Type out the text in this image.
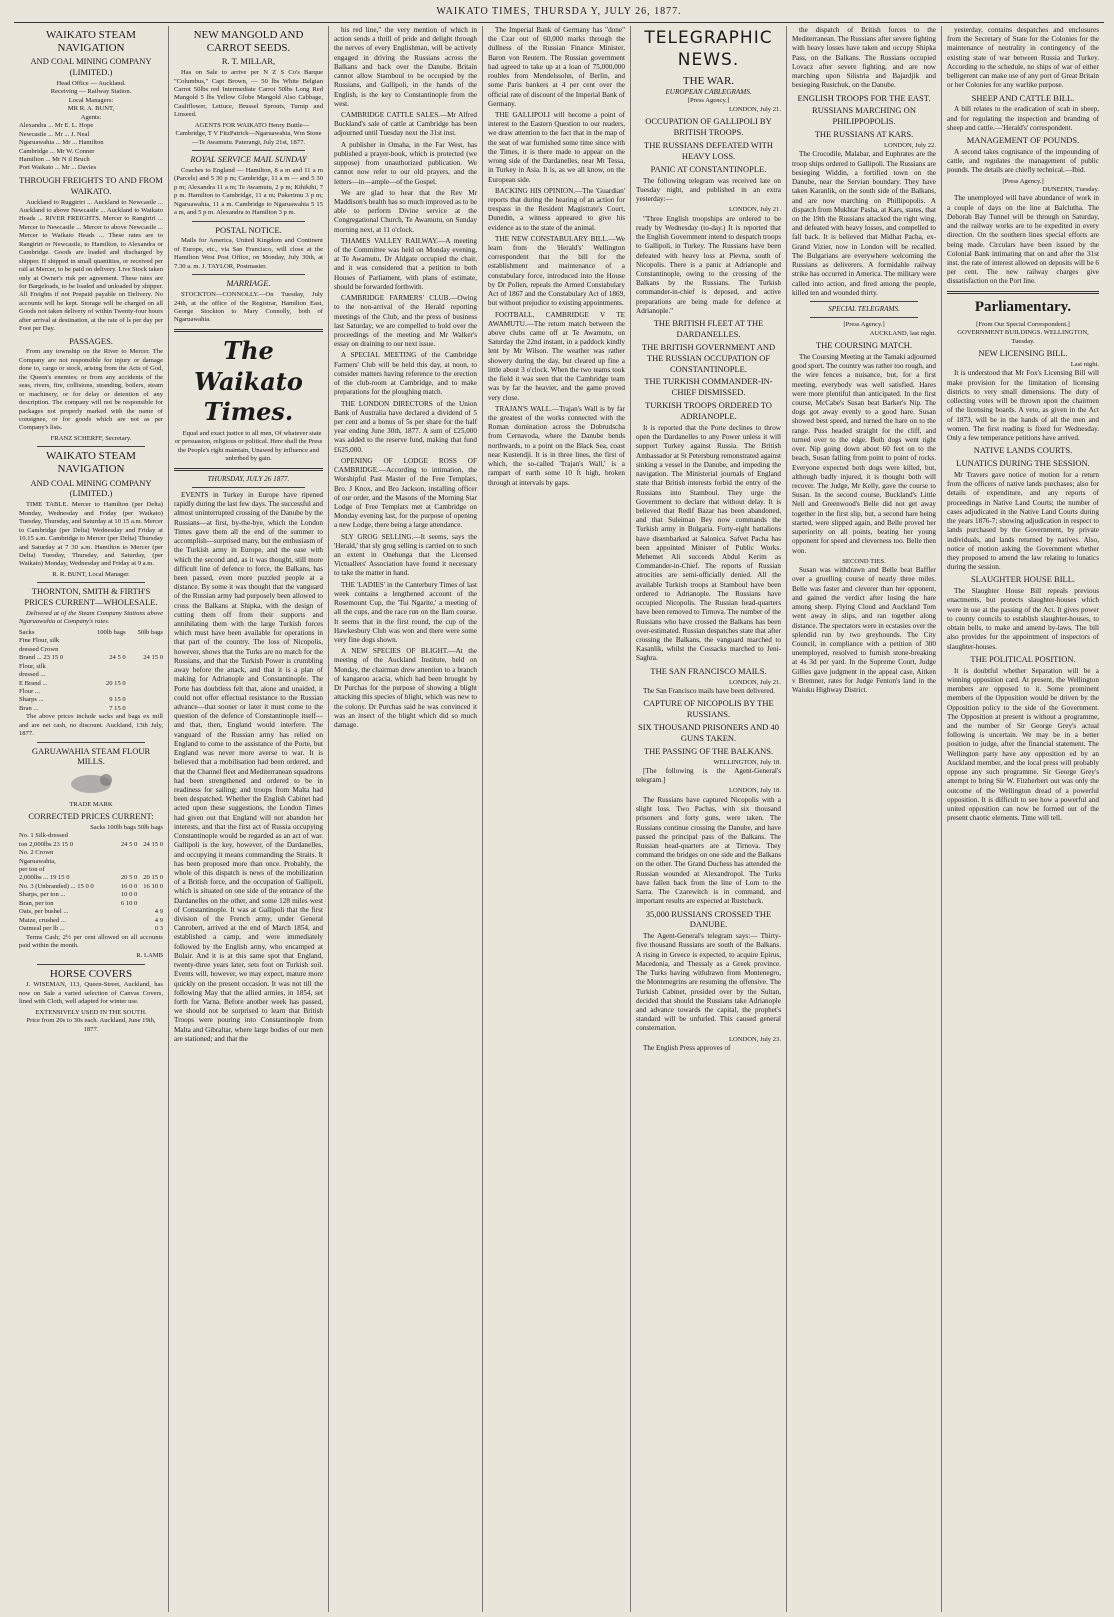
WAIKATO TIMES, THURSDA Y, JULY 26, 1877.
WAIKATO STEAM NAVIGATION
AND COAL MINING COMPANY (LIMITED.)
Head Office — Auckland.
Receiving — Railway Station.
Local Managers:
MR R. A. BUNT,
Agents:
Alexandra ... Mr E. L. Hope
Newcastle ... Mr ... J. Neal
Ngaruawahia ... Mr ... Hamilton
Cambridge ... Mr W. Conner
Hamilton ... Mr N il Bruch
Port Waikato ... Mr ... Davies
THROUGH FREIGHTS TO AND FROM WAIKATO.

Auckland to Ruggiriri ... Auckland to Newcastle ... Auckland to above Newcastle ... Auckland to Waikato Heads ... RIVER FREIGHTS. Mercer to Rangiriri ... Mercer to Newcastle ... Mercer to above Newcastle ... Mercer to Waikato Heads ... These rates are to Rangiriri or Newcastle, to Hamilton, to Alexandra or Cambridge. Goods are loaded and discharged by shipper. If shipped in small quantities, or received per rail at Mercer, to be paid on delivery. Live Stock taken only at Owner's risk per agreement. These rates are for Bargeloads, to be loaded and unloaded by shipper. All Freights if not Prepaid payable on Delivery. No accounts will be kept. Storage will be charged on all Goods not taken delivery of within Twenty-four hours after arrival at destination, at the rate of ls per day per Foot per Day.

PASSAGES.

From any township on the River to Mercer. The Company are not responsible for injury or damage done to, cargo or stock, arising from the Acts of God, the Queen's enemies; or from any accidents of the seas, rivers, fire, collisions, stranding, boilers, steam or machinery, or for delay or detention of any description. The company will not be responsible for packages not properly marked with the name of consignee, or for goods which are not as per Company's lists.

FRANZ SCHERFF, Secretary.
WAIKATO STEAM NAVIGATION
AND COAL MINING COMPANY (LIMITED.)

TIME TABLE. Mercer to Hamilton (per Delta) Monday, Wednesday and Friday (per Waikato) Tuesday, Thursday, and Saturday at 10 15 a.m. Mercer to Cambridge (per Delta) Wednesday and Friday at 10.15 a.m. Cambridge to Mercer (per Delta) Thursday and Saturday at 7 30 a.m. Hamilton to Mercer (per Delta) Tuesday, Thursday, and Saturday, (per Waikato) Monday, Wednesday and Friday at 9 a.m.

R. R. BUNT, Local Manager.
THORNTON, SMITH & FIRTH'S PRICES CURRENT—WHOLESALE.

Delivered at of the Steam Company Stations above Ngaruawahia at Company's rates.

Sacks	100lb bags	50lb bags
Fine Flour, silk		
dressed Crown		
Brand ... 23 15 0	24 5 0	24 15 0
Flour, silk		
dressed ...		
E Brand ...	20 15 0	
Flour ...		
Sharps ...	9 15 0	
Bran ...	7 15 0	

The above prices include sacks and bags ex mill and are net cash, no discount. Auckland, 13th July, 1877.

GARUAWAHIA STEAM FLOUR MILLS.
TRADE MARK
CORRECTED PRICES CURRENT:
Sacks 100lb bags 50lb bags		
No. 1 Silk-dressed		
ton 2,000lbs 23 15 0	24 5 0	24 15 0
No. 2 Crown		
Ngaruawahia,		
per ton of		
2,000lbs ... 19 15 0	20 5 0	20 15 0
No. 3 (Unbranded) ... 15 0 0	16 0 0	16 10 0
Sharps, per ton ...	10 0 0	
Bran, per ton	6 10 0	
Oats, per bushel ...		4 9
Maize, crushed ...		4 9
Oatmeal per lb ...		0 3

Terms Cash; 2½ per cent allowed on all accounts paid within the month.

R. LAMB
HORSE COVERS

J. WISEMAN, 113, Queen-Street, Auckland, has now on Sale a varied selection of Canvas Covers, lined with Cloth, well adapted for winter use.

EXTENSIVELY USED IN THE SOUTH.
Price from 20s to 30s each. Auckland, June 19th, 1877.
NEW MANGOLD AND CARROT SEEDS.
R. T. MILLAR,

Has on Sale to arrive per N Z S Co's Barque "Columbus," Capt Brown, — 50 lbs White Belgian Carrot 50lbs red Intermediate Carrot 50lbs Long Red Mangold 5 lbs Yellow Globe Mangold Also Cabbage, Cauliflower, Lettuce, Brussel Sprouts, Turnip and Linseed.

AGENTS FOR WAIKATO Henry Buttle—Cambridge, T V FitzPatrick—Ngaruawahia, Wm Stone—Te Awamutu. Paterangi, July 21st, 1877.

ROYAL SERVICE MAIL SUNDAY

Coaches to England — Hamilton, 8 a m and 11 a m (Parcels) and 5 30 p m; Cambridge, 11 a m — and 5 30 p m; Alexandra 11 a m; Te Awamutu, 2 p m; Kihikihi, 7 p m. Hamilton to Cambridge, 11 a m; Pukerimu 3 p m; Ngaruawahia, 11 a m. Cambridge to Ngaruawahia 5 15 a m, and 5 p m. Alexandra to Hamilton 3 p m.

POSTAL NOTICE.

Mails for America, United Kingdom and Continent of Europe, etc., via San Francisco, will close at the Hamilton West Post Office, on Monday, July 30th, at 7.30 a. m. J. TAYLOR, Postmaster.

MARRIAGE.

STOCKTON—CONNOLLY.—On Tuesday, July 24th, at the office of the Registrar, Hamilton East, George Stockton to Mary Connolly, both of Ngaruawahia.

The Waikato Times.

Equal and exact justice to all men, Of whatever state or persuasion, religious or political. Here shall the Press the People's right maintain, Unawed by influence and unbribed by gain.

THURSDAY, JULY 26 1877.

EVENTS in Turkey in Europe have ripened rapidly during the last few days. The successful and almost uninterrupted crossing of the Danube by the Russians—at first, by-the-bye, which the London Times gave them all the end of the summer to accomplish—surprised many, but the enthusiasm of the Turkish army in Europe, and the ease with which the second and, as it was thought, still more difficult line of defence to force, the Balkans, has been passed, even more puzzled people at a distance. By some it was thought that the vanguard of the Russian army had purposely been allowed to cross the Balkans at Shipka, with the design of cutting them off from their supports and annihilating them with the large Turkish forces which must have been available for operations in that part of the country. The loss of Nicopolis, however, shows that the Turks are no match for the Russians, and that the Turkish Power is crumbling away before the attack, and that it is a plan of making for Adrianople and Constantinople. The Porte has doubtless felt that, alone and unaided, it could not offer effectual resistance to the Russian advance—that sooner or later it must come to the question of the defence of Constantinople itself—and that, then, England would interfere. The vanguard of the Russian army has relied on England to come to the assistance of the Porte, but England was never more averse to war. It is believed that a mobilisation had been ordered, and that the Channel fleet and Mediterranean squadrons had been strengthened and ordered to be in readiness for sailing; and troops from Malta had been despatched. Whether the English Cabinet had acted upon these suggestions, the London Times had given out that England will not abandon her interests, and that the first act of Russia occupying Constantinople would be regarded as an act of war. Gallipoli is the key, however, of the Dardanelles, and occupying it means commanding the Straits. It has been proposed more than once. Probably, the whole of this dispatch is news of the mobilization of a British force, and the occupation of Gallipoli, which is situated on one side of the entrance of the Dardanelles on the other, and some 128 miles west of Constantinople. It was at Gallipoli that the first division of the French army, under General Canrobert, arrived at the end of March 1854, and established a camp, and were immediately followed by the English army, who encamped at Bulair. And it is at this same spot that England, twenty-three years later, sets foot on Turkish soil. Events will, however, we may expect, mature more quickly on the present occasion. It was not till the following May that the allied armies, in 1854, set forth for Varna. Before another week has passed, we should not be surprised to learn that British Troops were pouring into Constantinople from Malta and Gibraltar, where large bodies of our men are stationed; and that the

his red line," the very mention of which in action sends a thrill of pride and delight through the nerves of every Englishman, will be actively engaged in driving the Russians across the Balkans and back over the Danube. Britain cannot allow Stamboul to be occupied by the Russians, and Gallipoli, in the hands of the English, is the key to Constantinople from the west.

CAMBRIDGE CATTLE SALES.—Mr Alfred Buckland's sale of cattle at Cambridge has been adjourned until Tuesday next the 31st inst.

A publisher in Omaha, in the Far West, has published a prayer-book, which is protected (we suppose) from unauthorized publication. We cannot now refer to our old prayers, and the letters—in—ample—of the Gospel.

We are glad to hear that the Rev Mr Maddison's health has so much improved as to be able to perform Divine service at the Congregational Church, Te Awamutu, on Sunday morning next, at 11 o'clock.

THAMES VALLEY RAILWAY.—A meeting of the Committee was held on Monday evening, at Te Awamutu, Dr Aldgate occupied the chair, and it was considered that a petition to both Houses of Parliament, with plans of estimate, should be forwarded forthwith.

CAMBRIDGE FARMERS' CLUB.—Owing to the non-arrival of the Herald reporting meetings of the Club, and the press of business last Saturday, we are compelled to hold over the proceedings of the meeting and Mr Walker's essay on draining to our next issue.

A SPECIAL MEETING of the Cambridge Farmers' Club will be held this day, at noon, to consider matters having reference to the erection of the club-room at Cambridge, and to make preparations for the ploughing match.

THE LONDON DIRECTORS of the Union Bank of Australia have declared a dividend of 5 per cent and a bonus of 5s per share for the half year ending June 30th, 1877. A sum of £25,000 was added to the reserve fund, making that fund £625,000.

OPENING OF LODGE ROSS OF CAMBRIDGE.—According to intimation, the Worshipful Past Master of the Free Templars, Bro. J Knox, and Bro Jackson, installing officer of our order, and the Masons of the Morning Star Lodge of Free Templars met at Cambridge on Monday evening last, for the purpose of opening a new Lodge, there being a large attendance.

SLY GROG SELLING.—It seems, says the 'Herald,' that sly grog selling is carried on to such an extent in Onehunga that the Licensed Victuallers' Association have found it necessary to take the matter in hand.

THE 'LADIES' in the Canterbury Times of last week contains a lengthened account of the Rosemount Cup, the 'Tui Ngarite,' a meeting of all the cups, and the race run on the Ilam course. It seems that in the first round, the cup of the Hawkesbury Club was won and there were some very fine dogs shown.

A NEW SPECIES OF BLIGHT.—At the meeting of the Auckland Institute, held on Monday, the chairman drew attention to a branch of kangaroo acacia, which had been brought by Dr Purchas for the purpose of showing a blight attacking this species of blight, which was new to the colony. Dr Purchas said he was convinced it was an insect of the blight which did so much damage.

The Imperial Bank of Germany has "done" the Czar out of 60,000 marks through the dullness of the Russian Finance Minister, Baron von Reutern. The Russian government had agreed to take up at a loan of 75,000,000 roubles from Mendelssohn, of Berlin, and some Paris bankers at 4 per cent over the official rate of discount of the Imperial Bank of Germany.

THE GALLIPOLI will become a point of interest to the Eastern Question to our readers, we draw attention to the fact that in the map of the seat of war furnished some time since with the Times, it is there made to appear on the wrong side of the Dardanelles, near Mt Tessa, in Turkey in Asia. It is, as we all know, on the European side.

BACKING HIS OPINION.—The 'Guardian' reports that during the hearing of an action for trespass in the Resident Magistrate's Court, Dunedin, a witness appeared to give his evidence as to the state of the animal.

THE NEW CONSTABULARY BILL.—We learn from the 'Herald's' Wellington correspondent that the bill for the establishment and maintenance of a constabulary force, introduced into the House by Dr Pollen, repeals the Armed Constabulary Act of 1867 and the Constabulary Act of 1869, but without prejudice to existing appointments.

FOOTBALL, CAMBRIDGE V TE AWAMUTU.—The return match between the above clubs came off at Te Awamutu, on Saturday the 22nd instant, in a paddock kindly lent by Mr Wilson. The weather was rather showery during the day, but cleared up fine a little about 3 o'clock. When the two teams took the field it was seen that the Cambridge team was by far the heavier, and the game proved very close.

TRAJAN'S WALL.—Trajan's Wall is by far the greatest of the works connected with the Roman domination across the Dobrudscha from Cernavoda, where the Danube bends northwards, to a point on the Black Sea, coast near Kustendji. It is in three lines, the first of which, the so-called 'Trajan's Wall,' is a rampart of earth some 10 ft high, broken through at intervals by gaps.

TELEGRAPHIC NEWS.
THE WAR.
EUROPEAN CABLEGRAMS.
[Press Agency.]
LONDON, July 21.
OCCUPATION OF GALLIPOLI BY BRITISH TROOPS.
THE RUSSIANS DEFEATED WITH HEAVY LOSS.
PANIC AT CONSTANTINOPLE.

The following telegram was received late on Tuesday night, and published in an extra yesterday:—

LONDON, July 21.

"Three English troopships are ordered to be ready by Wednesday (to-day.) It is reported that the English Government intend to despatch troops to Gallipoli, in Turkey. The Russians have been defeated with heavy loss at Plevna, south of Nicopolis. There is a panic at Adrianople and Constantinople, owing to the crossing of the Balkans by the Russians. The Turkish commander-in-chief is deposed, and active preparations are being made for defence at Adrianople."

THE BRITISH FLEET AT THE DARDANELLES.
THE BRITISH GOVERNMENT AND THE RUSSIAN OCCUPATION OF CONSTANTINOPLE.
THE TURKISH COMMANDER-IN-CHIEF DISMISSED.
TURKISH TROOPS ORDERED TO ADRIANOPLE.

It is reported that the Porte declines to throw open the Dardanelles to any Power unless it will support Turkey against Russia. The British Ambassador at St Petersburg remonstrated against sinking a vessel in the Danube, and impeding the navigation. The Ministerial journals of England state that British interests forbid the entry of the Russians into Stamboul. They urge the Government to declare that without delay. It is believed that Redif Bazar has been abandoned, and that Suleiman Bey now commands the Turkish army in Bulgaria. Forty-eight battalions have disembarked at Salonica. Safvet Pacha has been appointed Minister of Public Works. Mehemet Ali succeeds Abdul Kerim as Commander-in-Chief. The reports of Russian atrocities are semi-officially denied. All the available Turkish troops at Stamboul have been ordered to Adrianople. The Russians have occupied Nicopolis. The Russian head-quarters have been removed to Tirnova. The number of the Russians who have crossed the Balkans has been over-estimated. Russian despatches state that after crossing the Balkans, the vanguard marched to Kasanlik, whilst the Cossacks marched to Jeni-Saghra.

THE SAN FRANCISCO MAILS.
LONDON, July 21.

The San Francisco mails have been delivered.

CAPTURE OF NICOPOLIS BY THE RUSSIANS.
SIX THOUSAND PRISONERS AND 40 GUNS TAKEN.
THE PASSING OF THE BALKANS.
WELLINGTON, July 18.

[The following is the Agent-General's telegram.]

LONDON, July 18.

The Russians have captured Nicopolis with a slight loss. Two Pachas, with six thousand prisoners and forty guns, were taken. The Russians continue crossing the Danube, and have passed the principal pass of the Balkans. The Russian head-quarters are at Tirnova. They command the bridges on one side and the Balkans on the other. The Grand Duchess has attended the Russian wounded at Alexandropol. The Turks have fallen back from the line of Lom to the Sarra. The Czarewitch is in command, and important results are expected at Rustchuck.

35,000 RUSSIANS CROSSED THE DANUBE.

The Agent-General's telegram says:— Thirty-five thousand Russians are south of the Balkans. A rising in Greece is expected, to acquire Epirus, Macedonia, and Thessaly as a Greek province. The Turks having withdrawn from Montenegro, the Montenegrins are resuming the offensive. The Turkish Cabinet, presided over by the Sultan, decided that should the Russians take Adrianople and advance towards the capital, the prophet's standard will be unfurled. This caused general consternation.

LONDON, July 23.

The English Press approves of

the dispatch of British forces to the Mediterranean. The Russians after severe fighting with heavy losses have taken and occupy Shipka Pass, on the Balkans. The Russians occupied Lovacz after severe fighting, and are now marching upon Silistria and Bajardjik and besieging Rustchuk, on the Danube.

ENGLISH TROOPS FOR THE EAST.
RUSSIANS MARCHING ON PHILIPPOPOLIS.
THE RUSSIANS AT KARS.
LONDON, July 22.

The Crocodile, Malabar, and Euphrates are the troop ships ordered to Gallipoli. The Russians are besieging Widdin, a fortified town on the Danube, near the Servian boundary. They have taken Karanlik, on the south side of the Balkans, and are now marching on Phillipopolis. A dispatch from Mukhtar Pasha, at Kars, states, that on the 19th the Russians attacked the right wing, and defeated with heavy losses, and compelled to fall back. It is believed that Midhat Pacha, ex-Grand Vizier, now in London will be recalled. The Bulgarians are everywhere welcoming the Russians as deliverers. A formidable railway strike has occurred in America. The military were called into action, and fired among the people, killed ten and wounded thirty.

SPECIAL TELEGRAMS.
[Press Agency.]
AUCKLAND, last night.
THE COURSING MATCH.

The Coursing Meeting at the Tamaki adjourned good sport. The country was rather too rough, and the wire fences a nuisance, but, for a first meeting, everybody was well satisfied. Hares were more plentiful than anticipated. In the first course, McCabe's Susan beat Barker's Nip. The dogs got away evenly to a good hare. Susan showed best speed, and turned the hare on to the range. Puss headed straight for the cliff, and turned over to the edge. Both dogs went right over. Nip going down about 60 feet on to the beach, Susan falling from point to point of rocks. Everyone expected both dogs were killed, but, although badly injured, it is thought both will recover. The Judge, Mr Kelly, gave the course to Susan. In the second course, Buckland's Little Nell and Greenwood's Belle did not get away together in the first slip, but, a second hare being started, were slipped again, and Belle proved her superiority on all points, beating her young opponent for speed and cleverness too. Belle then won.

SECOND TIES.

Susan was withdrawn and Belle beat Baffler over a gruelling course of nearly three miles. Belle was faster and cleverer than her opponent, and gained the verdict after losing the hare among sheep. Flying Cloud and Auckland Tom went away in slips, and ran together along distance. The spectators were in ecstasies over the splendid run by two greyhounds. The City Council, in compliance with a petition of 300 unemployed, resolved to furnish stone-breaking at 4s 3d per yard. In the Supreme Court, Judge Gillies gave judgment in the appeal case, Aitken v Bremner, rates for Judge Fenton's land in the Waiuku Highway District.

yesterday, contains despatches and enclosures from the Secretary of State for the Colonies for the maintenance of neutrality in contingency of the existing state of war between Russia and Turkey. According to the schedule, no ships of war of either belligerent can make use of any port of Great Britain or her Colonies for any warlike purpose.

SHEEP AND CATTLE BILL.

A bill relates to the eradication of scab in sheep, and for regulating the inspection and branding of sheep and cattle.—'Herald's' correspondent.

MANAGEMENT OF POUNDS.

A second takes cognisance of the impounding of cattle, and regulates the management of public pounds. The details are chiefly technical.—Ibid.

[Press Agency.]
DUNEDIN, Tuesday.

The unemployed will have abundance of work in a couple of days on the line at Balclutha. The Deborah Bay Tunnel will be through on Saturday, and the railway works are to be expedited in every direction. On the southern lines special efforts are being made. Circulars have been issued by the Colonial Bank intimating that on and after the 31st inst. the rate of interest allowed on deposits will be 6 per cent. The new railway charges give dissatisfaction on the Port line.

Parliamentary.
[From Our Special Correspondent.]
GOVERNMENT BUILDINGS. WELLINGTON, Tuesday.
NEW LICENSING BILL.
Last night.

It is understood that Mr Fox's Licensing Bill will make provision for the limitation of licensing districts to very small dimensions. The duty of collecting votes will be thrown upon the chairmen of the licensing boards. A veto, as given in the Act of 1873, will be in the hands of all the men and women. The first reading is fixed for Wednesday. Only a few temperance petitions have arrived.

NATIVE LANDS COURTS.
LUNATICS DURING THE SESSION.

Mr Travers gave notice of motion for a return from the officers of native lands purchases; also for details of expenditure, and any reports of proceedings in Native Land Courts; the number of cases adjudicated in the Native Land Courts during the years 1876-7; showing adjudication in respect to lands purchased by the Government, by private individuals, and lands returned by natives. Also, notice of motion asking the Government whether they proposed to amend the law relating to lunatics during the session.

SLAUGHTER HOUSE BILL.

The Slaughter House Bill repeals previous enactments, but protects slaughter-houses which were in use at the passing of the Act. It gives power to county councils to establish slaughter-houses, to obtain bells, to make and amend by-laws. The bill also provides for the appointment of inspectors of slaughter-houses.

THE POLITICAL POSITION.

It is doubtful whether Separation will be a winning opposition card. At present, the Wellington members are opposed to it. Some prominent members of the Opposition would be driven by the Opposition policy to the side of the Government. The Opposition at present is without a programme, and the number of Sir George Grey's actual following is uncertain. We may be in a better position to judge, after the financial statement. The Wellington party have any opposition ed by an Auckland member, and the local press will probably oppose any such programme. Sir George Grey's attempt to bring Sir W. Fitzherbert out was only the outcome of the Wellington dread of a powerful opposition. It is difficult to see how a powerful and united opposition can now be formed out of the present chaotic elements. Time will tell.
